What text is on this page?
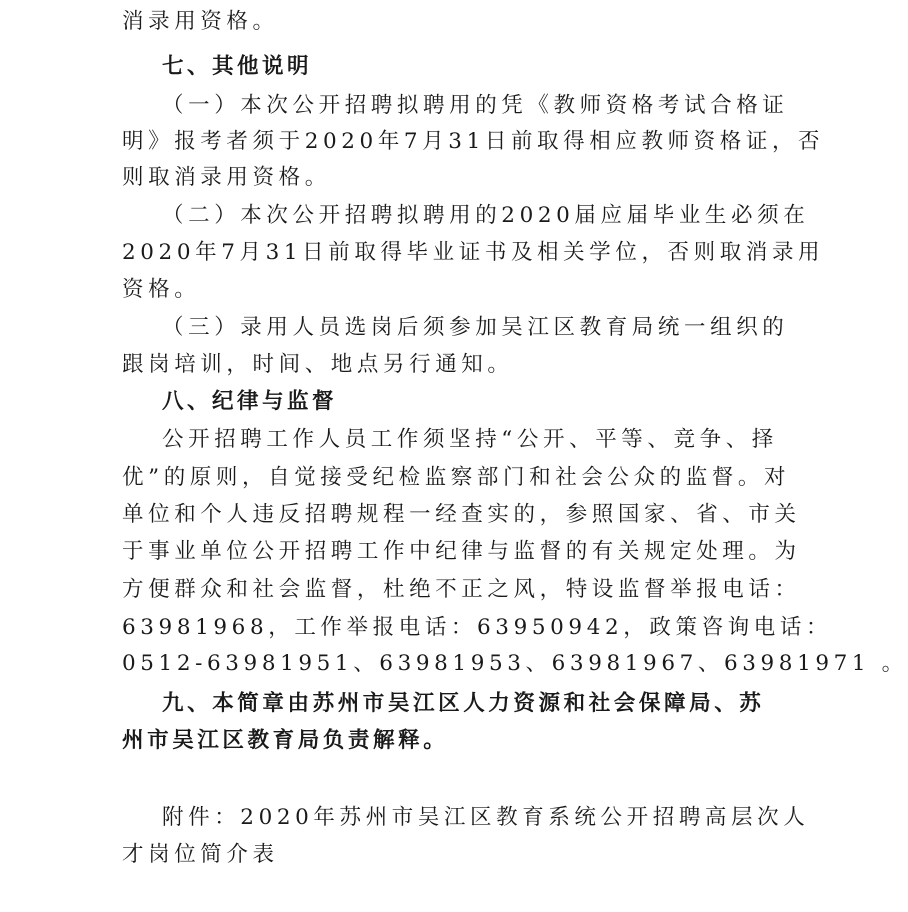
消录用资格。
七、其他说明
（一）本次公开招聘拟聘用的凭《教师资格考试合格证
明》报考者须于2020年7月31日前取得相应教师资格证，否
则取消录用资格。
（二）本次公开招聘拟聘用的2020届应届毕业生必须在
2020年7月31日前取得毕业证书及相关学位，否则取消录用
资格。
（三）录用人员选岗后须参加吴江区教育局统一组织的
跟岗培训，时间、地点另行通知。
八、纪律与监督
公开招聘工作人员工作须坚持“公开、平等、竞争、择
优”的原则，自觉接受纪检监察部门和社会公众的监督。对
单位和个人违反招聘规程一经查实的，参照国家、省、市关
于事业单位公开招聘工作中纪律与监督的有关规定处理。为
方便群众和社会监督，杜绝不正之风，特设监督举报电话：
63981968，工作举报电话：63950942，政策咨询电话：
0512-63981951、63981953、63981967、63981971 。
九、本简章由苏州市吴江区人力资源和社会保障局、苏
州市吴江区教育局负责解释。
附件：2020年苏州市吴江区教育系统公开招聘高层次人
才岗位简介表
